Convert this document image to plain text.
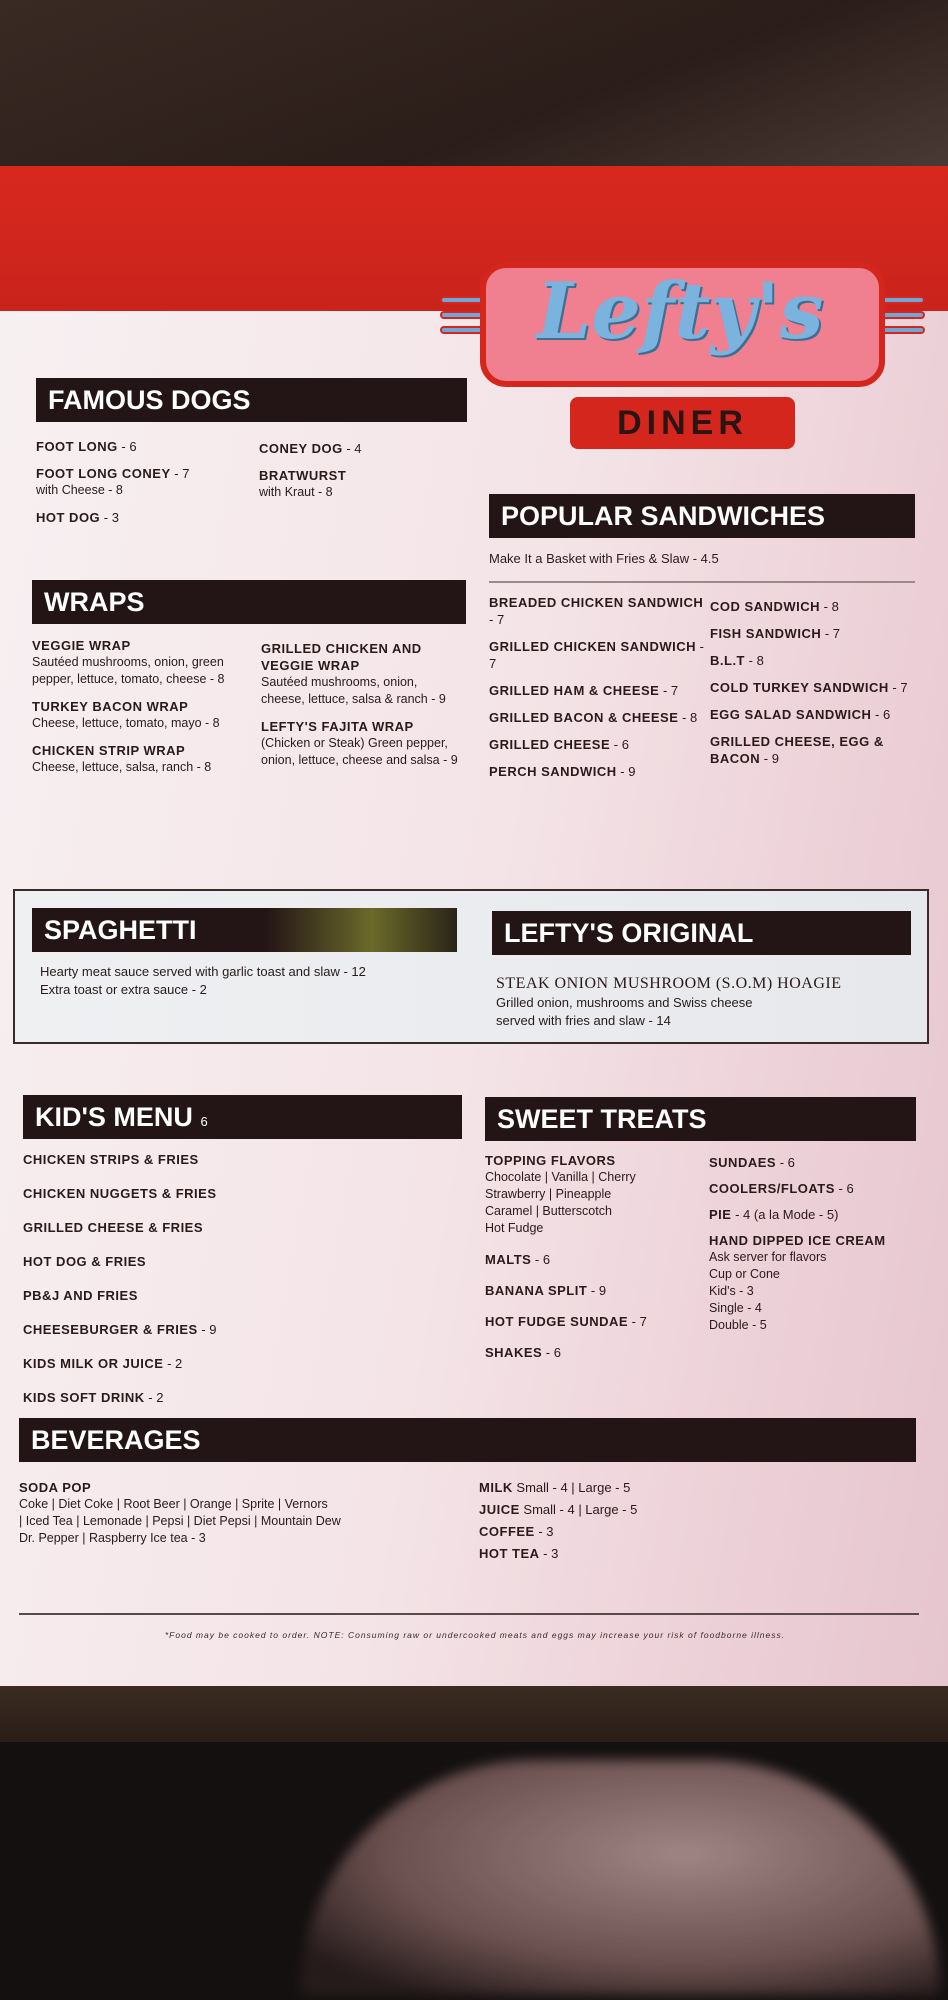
Lefty's
DINER
FAMOUS DOGS
FOOT LONG - 6
FOOT LONG CONEY - 7
with Cheese - 8
HOT DOG - 3
CONEY DOG - 4
BRATWURST
with Kraut - 8
WRAPS
VEGGIE WRAP
Sautéed mushrooms, onion, green pepper, lettuce, tomato, cheese - 8
TURKEY BACON WRAP
Cheese, lettuce, tomato, mayo - 8
CHICKEN STRIP WRAP
Cheese, lettuce, salsa, ranch - 8
GRILLED CHICKEN AND VEGGIE WRAP
Sautéed mushrooms, onion, cheese, lettuce, salsa & ranch - 9
LEFTY'S FAJITA WRAP
(Chicken or Steak) Green pepper, onion, lettuce, cheese and salsa - 9
POPULAR SANDWICHES
Make It a Basket with Fries & Slaw - 4.5
BREADED CHICKEN SANDWICH - 7
GRILLED CHICKEN SANDWICH - 7
GRILLED HAM & CHEESE - 7
GRILLED BACON & CHEESE - 8
GRILLED CHEESE - 6
PERCH SANDWICH - 9
COD SANDWICH - 8
FISH SANDWICH - 7
B.L.T - 8
COLD TURKEY SANDWICH - 7
EGG SALAD SANDWICH - 6
GRILLED CHEESE, EGG & BACON - 9
SPAGHETTI
Hearty meat sauce served with garlic toast and slaw - 12
Extra toast or extra sauce - 2
LEFTY'S ORIGINAL
STEAK ONION MUSHROOM (S.O.M) HOAGIE
Grilled onion, mushrooms and Swiss cheese
served with fries and slaw - 14
KID'S MENU 6
CHICKEN STRIPS & FRIES
CHICKEN NUGGETS & FRIES
GRILLED CHEESE & FRIES
HOT DOG & FRIES
PB&J AND FRIES
CHEESEBURGER & FRIES - 9
KIDS MILK OR JUICE - 2
KIDS SOFT DRINK - 2
SWEET TREATS
TOPPING FLAVORS
Chocolate | Vanilla | Cherry
Strawberry | Pineapple
Caramel | Butterscotch
Hot Fudge
MALTS - 6
BANANA SPLIT - 9
HOT FUDGE SUNDAE - 7
SHAKES - 6
SUNDAES - 6
COOLERS/FLOATS - 6
PIE - 4 (a la Mode - 5)
HAND DIPPED ICE CREAM
Ask server for flavors
Cup or Cone
Kid's - 3
Single - 4
Double - 5
BEVERAGES
SODA POP
Coke | Diet Coke | Root Beer | Orange | Sprite | Vernors
| Iced Tea | Lemonade | Pepsi | Diet Pepsi | Mountain Dew
Dr. Pepper | Raspberry Ice tea - 3
MILK Small - 4 | Large - 5
JUICE Small - 4 | Large - 5
COFFEE - 3
HOT TEA - 3
*Food may be cooked to order. NOTE: Consuming raw or undercooked meats and eggs may increase your risk of foodborne illness.
